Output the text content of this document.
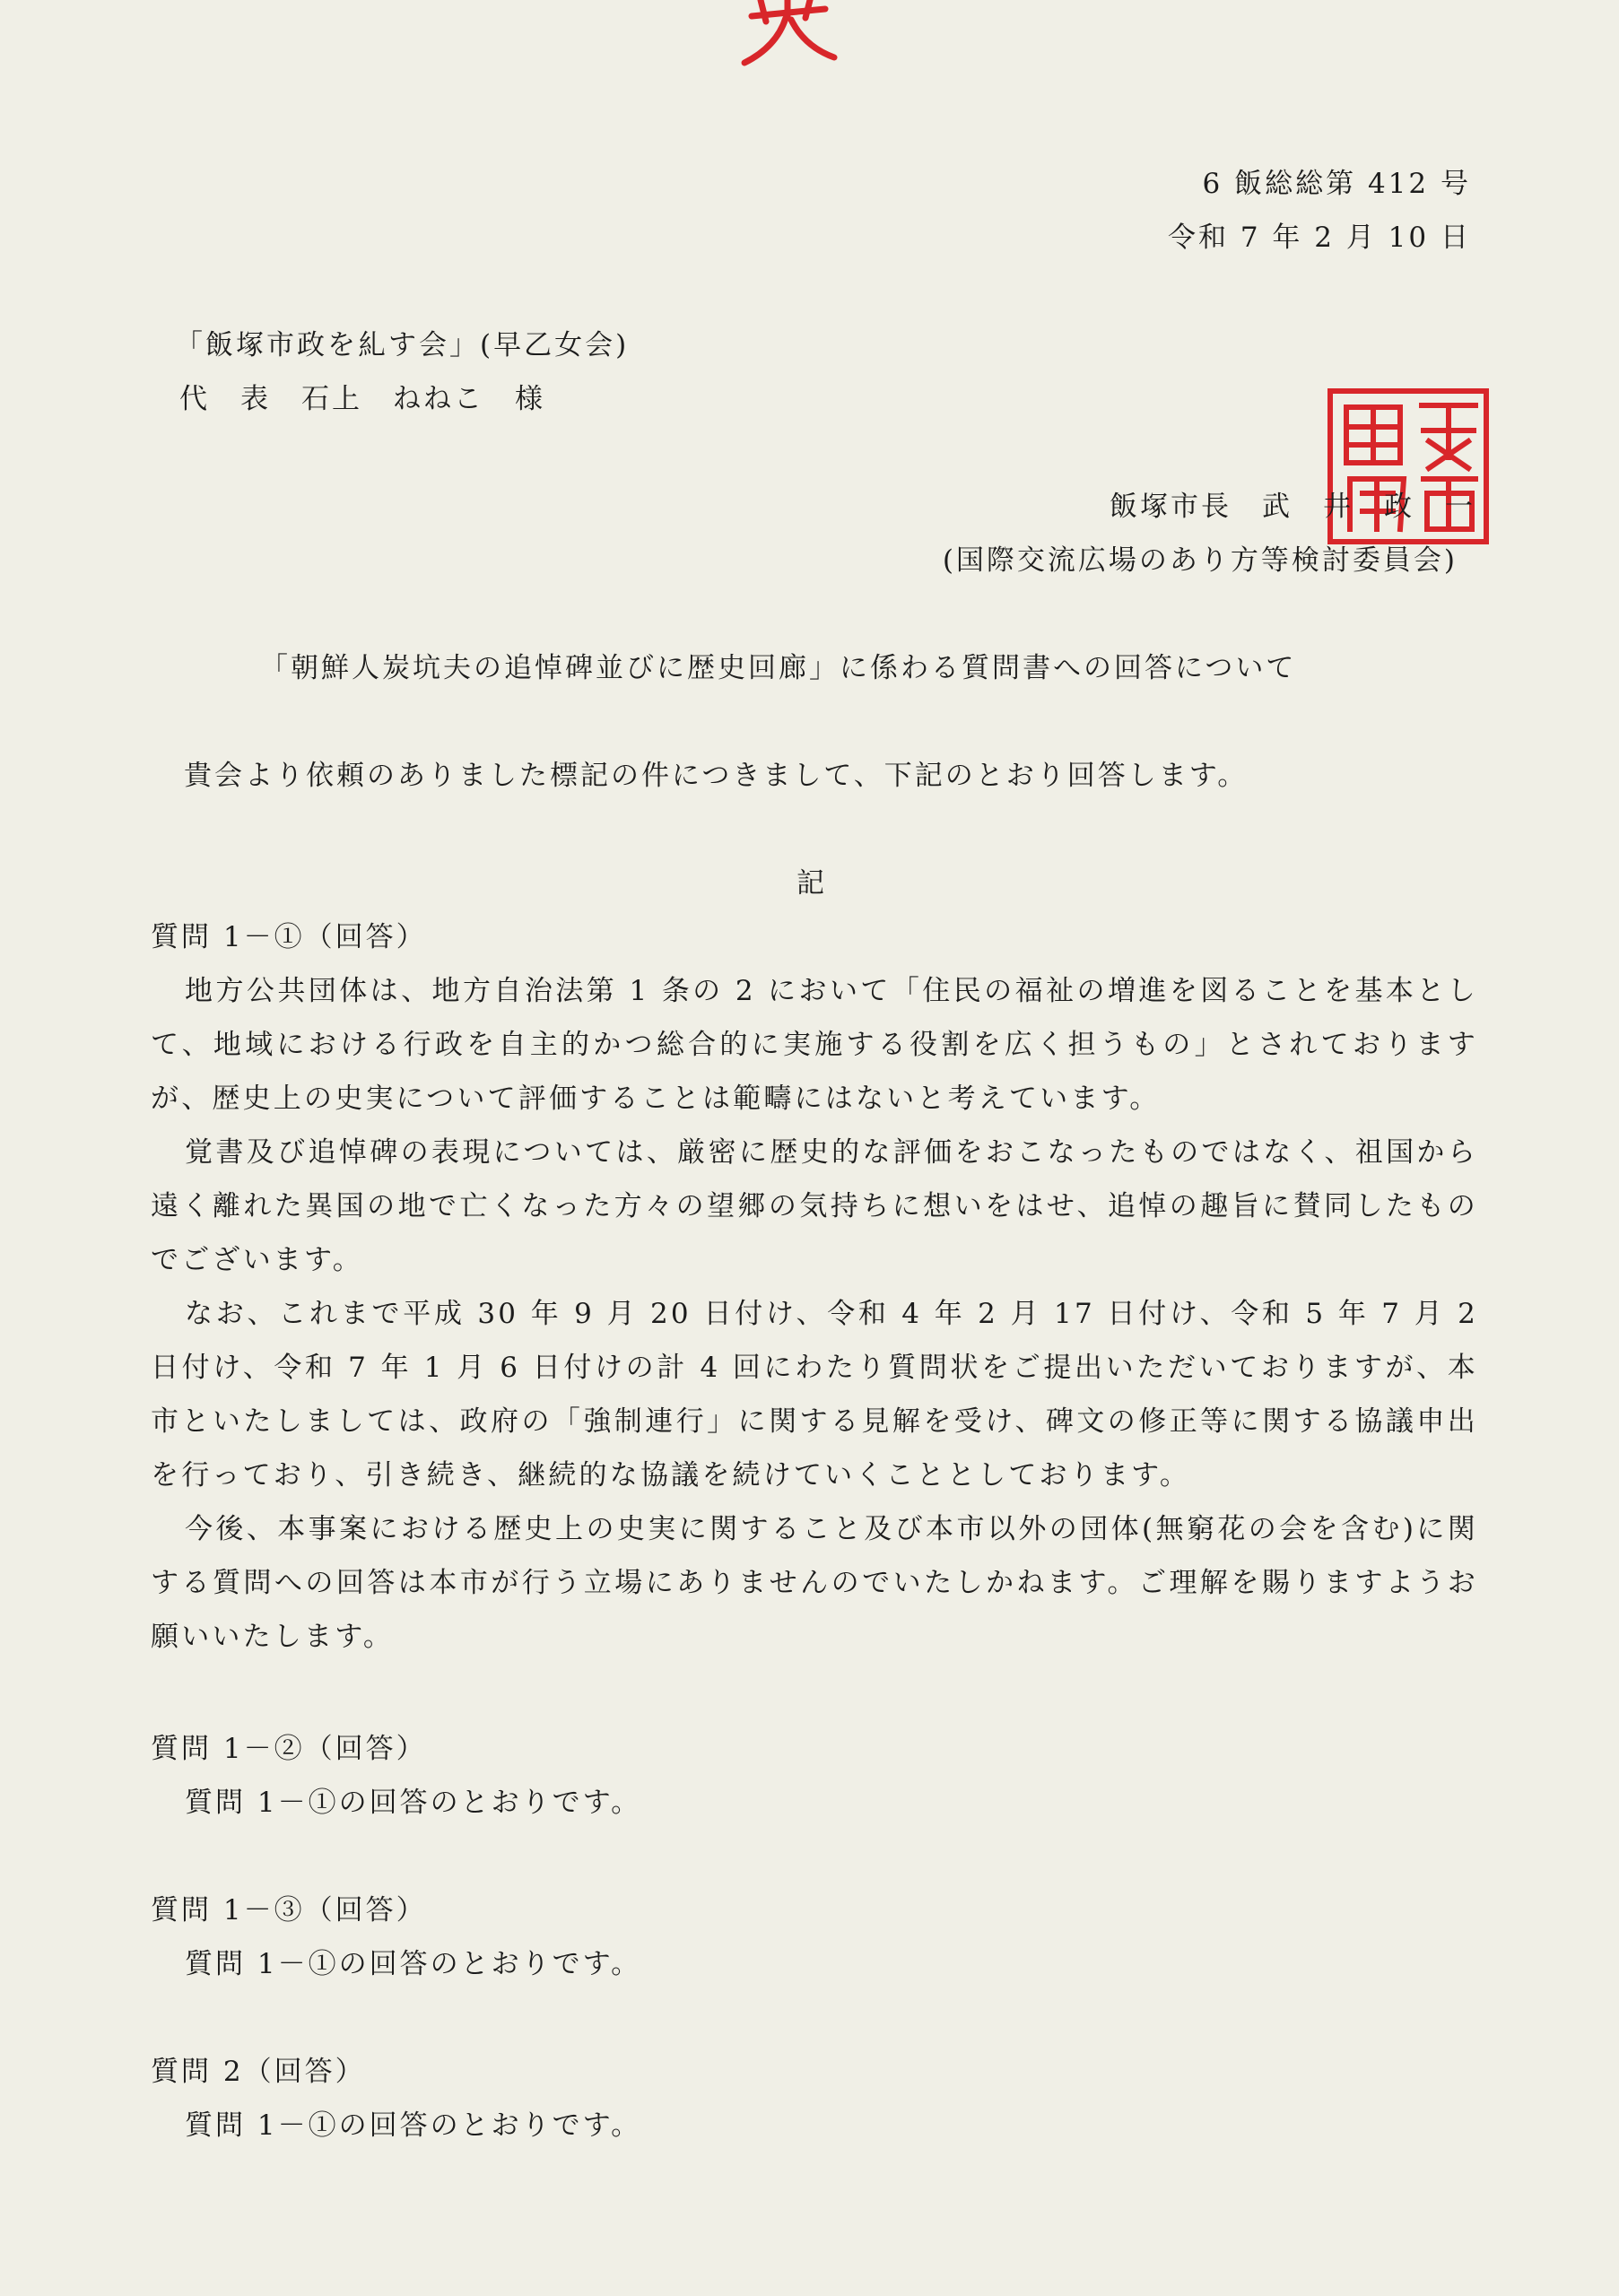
6 飯総総第 412 号
令和 7 年 2 月 10 日
「飯塚市政を糺す会」(早乙女会)
代　表　石上　ねねこ　様
飯塚市長　武　井　政　一
(国際交流広場のあり方等検討委員会)
「朝鮮人炭坑夫の追悼碑並びに歴史回廊」に係わる質問書への回答について
貴会より依頼のありました標記の件につきまして、下記のとおり回答します。
記
質問 1－①（回答）

地方公共団体は、地方自治法第 1 条の 2 において「住民の福祉の増進を図ることを基本として、地域における行政を自主的かつ総合的に実施する役割を広く担うもの」とされておりますが、歴史上の史実について評価することは範疇にはないと考えています。

覚書及び追悼碑の表現については、厳密に歴史的な評価をおこなったものではなく、祖国から遠く離れた異国の地で亡くなった方々の望郷の気持ちに想いをはせ、追悼の趣旨に賛同したものでございます。

なお、これまで平成 30 年 9 月 20 日付け、令和 4 年 2 月 17 日付け、令和 5 年 7 月 2 日付け、令和 7 年 1 月 6 日付けの計 4 回にわたり質問状をご提出いただいておりますが、本市といたしましては、政府の「強制連行」に関する見解を受け、碑文の修正等に関する協議申出を行っており、引き続き、継続的な協議を続けていくこととしております。

今後、本事案における歴史上の史実に関すること及び本市以外の団体(無窮花の会を含む)に関する質問への回答は本市が行う立場にありませんのでいたしかねます。ご理解を賜りますようお願いいたします。

質問 1－②（回答）
質問 1－①の回答のとおりです。
質問 1－③（回答）
質問 1－①の回答のとおりです。
質問 2（回答）
質問 1－①の回答のとおりです。
